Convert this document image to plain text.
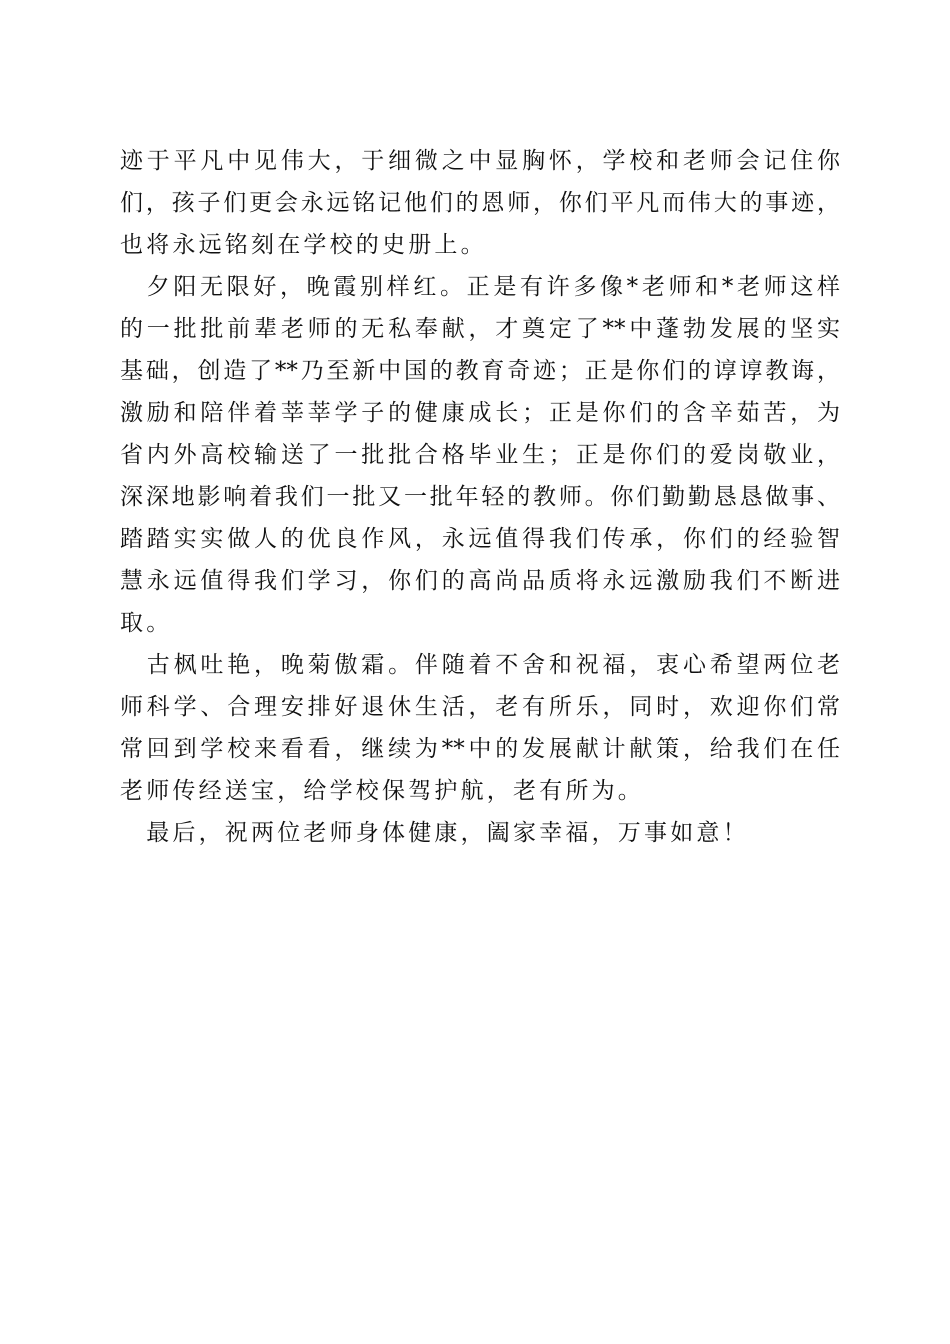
迹于平凡中见伟大，于细微之中显胸怀，学校和老师会记住你
们，孩子们更会永远铭记他们的恩师，你们平凡而伟大的事迹，
也将永远铭刻在学校的史册上。
　夕阳无限好，晚霞别样红。正是有许多像*老师和*老师这样
的一批批前辈老师的无私奉献，才奠定了**中蓬勃发展的坚实
基础，创造了**乃至新中国的教育奇迹；正是你们的谆谆教诲，
激励和陪伴着莘莘学子的健康成长；正是你们的含辛茹苦，为
省内外高校输送了一批批合格毕业生；正是你们的爱岗敬业，
深深地影响着我们一批又一批年轻的教师。你们勤勤恳恳做事、
踏踏实实做人的优良作风，永远值得我们传承，你们的经验智
慧永远值得我们学习，你们的高尚品质将永远激励我们不断进
取。
　古枫吐艳，晚菊傲霜。伴随着不舍和祝福，衷心希望两位老
师科学、合理安排好退休生活，老有所乐，同时，欢迎你们常
常回到学校来看看，继续为**中的发展献计献策，给我们在任
老师传经送宝，给学校保驾护航，老有所为。
　最后，祝两位老师身体健康，阖家幸福，万事如意！
